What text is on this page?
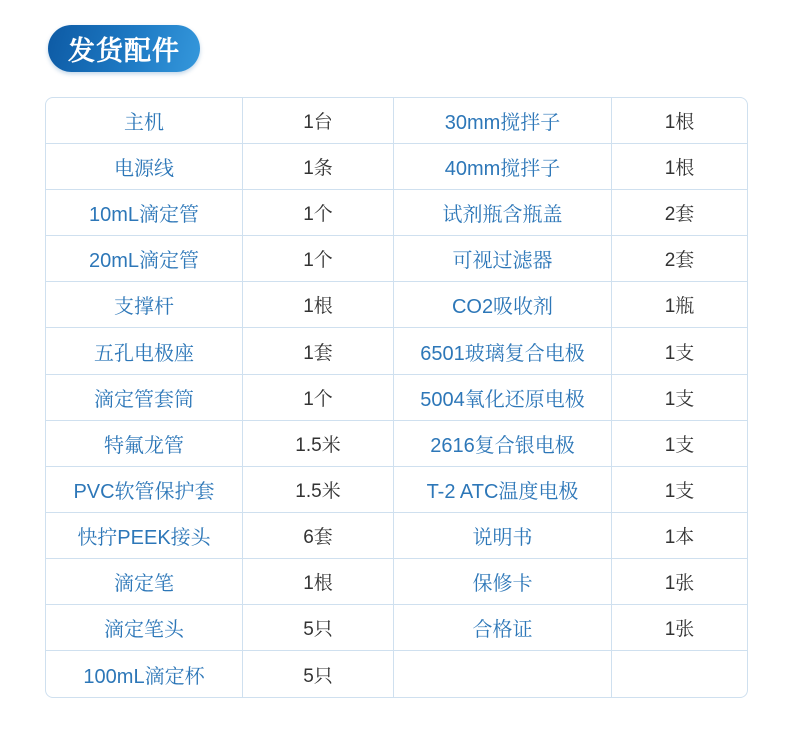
发货配件
主机	1台	30mm搅拌子	1根
电源线	1条	40mm搅拌子	1根
10mL滴定管	1个	试剂瓶含瓶盖	2套
20mL滴定管	1个	可视过滤器	2套
支撑杆	1根	CO2吸收剂	1瓶
五孔电极座	1套	6501玻璃复合电极	1支
滴定管套筒	1个	5004氧化还原电极	1支
特氟龙管	1.5米	2616复合银电极	1支
PVC软管保护套	1.5米	T-2 ATC温度电极	1支
快拧PEEK接头	6套	说明书	1本
滴定笔	1根	保修卡	1张
滴定笔头	5只	合格证	1张
100mL滴定杯	5只
